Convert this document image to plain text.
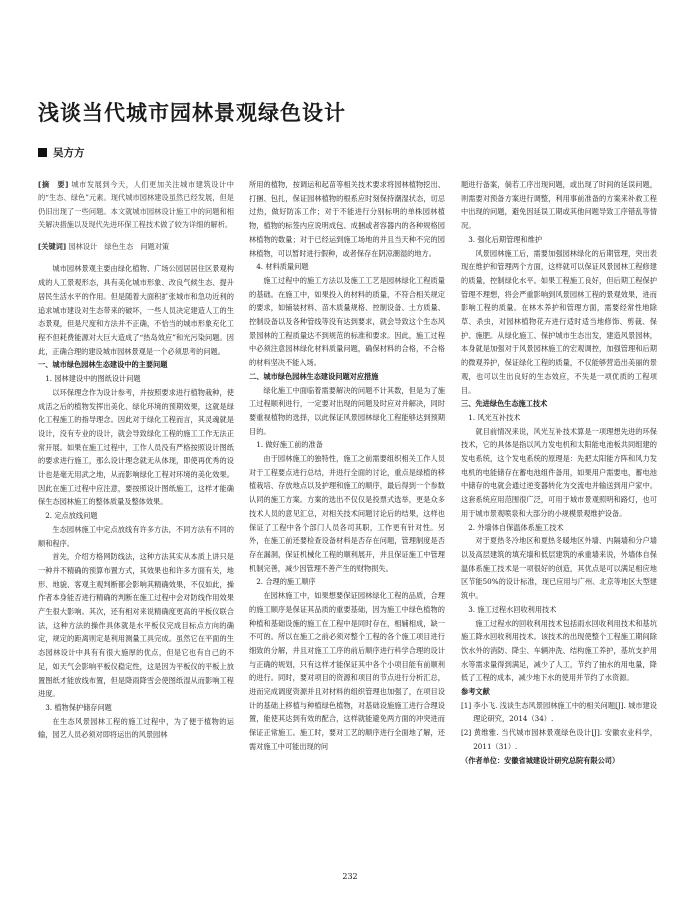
浅谈当代城市园林景观绿色设计
吴方方

[摘　要] 城市发展到今天，人们更加关注城市建筑设计中的“生态、绿色”元素。现代城市园林建设虽然已经发展，但是仍旧出现了一些问题。本文就城市园林设计施工中的问题和相关解决措施以及现代先进环保工程技术做了较为详细的解析。

[关键词] 园林设计　绿色生态　问题对策

城市园林景观主要由绿化植物、广场公园居居住区景观构成的人工景观形态，具有美化城市形象、改良气候生态、提升居民生活水平的作用。但是随着大面积扩张城市和急功近利的追求城市建设对生态带来的破坏，一些人员决定建造人工的生态景观，但是尺度和方法并不正确，不恰当的城市形象充化工程不但耗费能源对大巨大造成了“热岛效应”和光污染问题。因此，正确合理的建设城市园林景观是一个必须思考的问题。

一、城市绿色园林生态建设中的主要问题

1. 园林建设中的图纸设计问题

以环保理念作为设计参考，并按照要求进行植物栽种，使成活之后的植物发挥出美化、绿化环境的预期效果，这就是绿化工程施工的指导理念。因此对于绿化工程而言，其灵魂就是设计，没有专业的设计，就会导致绿化工程的施工工作无法正常开展。如果在施工过程中，工作人员没有严格按照设计图纸的要求进行施工，那么设计理念就无从体现，即使再优秀的设计也是毫无用武之地，从而影响绿化工程对环境的美化效果。因此在施工过程中应注意，要按照设计图纸施工，这样才能确保生态园林施工的整体质量及整体效果。

2. 定点放线问题

生态园林施工中定点放线有许多方法，不同方法有不同的顺和程序。

首先，介绍方格网防线法，这种方法其实从本质上讲只是一种并不精确的预算布置方式，其效果也和许多方面有关，地形、地貌、客观主观判断都会影响其精确效果，不仅如此，操作者本身能否进行精确的判断在施工过程中会对防线作用效果产生很大影响。其次，还有相对来说精确度更高的平板仪联合法，这种方法的操作具体就是水平板仪完成目标点方向的确定，规定的距离则定是利用测量工具完成。虽然它在平面的生态园林设计中具有有很大施厚的优点，但是它也有自己的不足，如天气会影响平板仪稳定性，这是因为平板仪的平板上放置图纸才能放线布置，但是降雨降雪会使图纸湿从而影响工程进度。

3. 植物保护储存问题

在生态风景园林工程的施工过程中，为了便于植物的运输，园艺人员必须对即将运出的风景园林

所用的植物，按调运和起苗等相关技术要求将园林植物挖出、打捆、包扎，保证园林植物的根系应时刻保持潮湿状态，切忌过热，做好防冻工作；对于不能进行分别标明的单株园林植物，植物的标签内应说明成包、成捆或者容器内的各种规格园林植物的数量；对于已经运到施工场地的并且当天种不完的园林植物，可以暂时进行假种，或者保存在阴凉潮湿的地方。

4. 材料质量问题

施工过程中的施工方法以及施工工艺是园林绿化工程质量的基础。在施工中，如果投入的材料的质量，不符合相关规定的要求，如铺装材料、苗木质量规格、控制设备、土方质量、控制设备以及各种管线等没有达到要求，就会导致这个生态风景园林的工程质量达不到规范的标准和要求。因此，施工过程中必须注意园林绿化材料质量问题，确保材料的合格，不合格的材料坚决不能入场。

二、城市绿色园林生态建设问题对应措施

绿化施工中面临着需要解决的问题不计其数，但是为了施工过程顺利进行，一定要对出现的问题及时应对并解决，同时要重视植物的选择，以此保证风景园林绿化工程能够达到预期目的。

1. 做好施工前的准备

由于园林施工的独特性，施工之前需要组织相关工作人员对于工程要点进行总结，并进行全面的讨论，重点是绿植的移植栽培、存放地点以及护理和施工的顺序，最后得到一个参数认同的施工方案。方案的选出不仅仅是投票式选举，更是众多技术人员的意见汇总，对相关技术问题讨论后的结果，这样也保证了工程中各个部门人员各司其职，工作更有针对性。另外，在施工前还要检查设备材料是否存在问题，管理制度是否存在漏洞，保证机械化工程的顺利展开，并且保证施工中管理机制完善，减少因管理不善产生的财物损失。

2. 合理的施工顺序

在园林施工中，如果想要保证园林绿化工程的品质，合理的施工顺序是保证其品质的重要基础，因为施工中绿色植物的种植和基础设施的施工在工程中是同时存在，相辅相成，缺一不可的。所以在施工之前必须对整个工程的各个施工项目进行细致的分解，并且对施工工序的前后顺序进行科学合理的设计与正确的规划，只有这样才能保证其中各个小项目能有前顺利的进行。同时，要对项目的资源和项目的节点进行分析汇总，进而完成调度资源并且对材料的组织管理也加强了，在项目设计的基础上移植与种植绿色植物，对基础设施施工进行合理设置，能使其达到有效的配合，这样就能避免两方面的冲突进而保证正常施工。施工时，要对工艺的顺序进行全面地了解，还需对施工中可能出现的问

题进行备案，倘若工序出现问题，或出现了时间的延误问题，则需要对预备方案进行调整，利用事前准备的方案来补救工程中出现的问题，避免因延误工期或其他问题导致工序错乱等情况。

3. 强化后期管理和维护

风景园林施工后，需要加强园林绿化的后期管理，突出表现在维护和管理两个方面，这样就可以保证风景园林工程修建的质量，控制绿化水平。如果工程施工良好，但后期工程保护管理不理想，将会严重影响到风景园林工程的景观效果，进而影响工程的质量。在林木养护和管理方面，需要经常性地除草、杀虫，对园林植物花卉进行适时适当地修饰、剪裁、保护、施肥。从绿化施工、保护城市生态出发，建造风景园林，本身就是加强对于风景园林施工的宏观调控，加强管理和后期的微观养护，保证绿化工程的质量，不仅能够营造出美丽的景观，也可以生出良好的生态效应，不失是一项优质的工程项目。

三、先进绿色生态施工技术

1. 风光互补技术

就目前情况来说，风光互补技术算是一项理想先进的环保技术，它的具体是指以风力发电机和太阳能电池板共同组建的发电系统，这个发电系统的原理是：先把太阳能方阵和风力发电机的电能储存在蓄电池组件备用，如果用户需要电，蓄电池中储存的电就会通过逆变器转化为交流电并输送到用户家中。这套系统应用范围很广泛，可用于城市景观照明和路灯，也可用于城市景观喷泉和大部分的小规模景观维护设备。

2. 外墙体自保温体系施工技术

对于夏热冬冷地区和夏热冬暖地区外墙、内隔墙和分户墙以及高层建筑的填充墙和低层建筑的承重墙来说，外墙体自保温体系施工技术是一项很好的创造，其优点是可以满足相应地区节能50%的设计标准，现已应用与广州、北京等地区大型建筑中。

3. 施工过程水回收利用技术

施工过程水的回收利用技术包括雨水回收利用技术和基坑施工降水回收利用技术。该技术的出现使整个工程施工期间除饮水外的消防、降尘、车辆冲洗、结构施工养护，基坑支护用水等需求量得到满足，减少了人工，节约了抽水的用电量，降低了工程的成本，减少地下水的使用并节约了水资源。

参考文献

[1] 李小飞. 浅谈生态风景园林施工中的相关问题[J]. 城市建设理论研究，2014（34）.

[2] 黄维雅. 当代城市园林景观绿色设计[J]. 安徽农业科学，2011（31）.

（作者单位：安徽省城建设计研究总院有限公司）

232
